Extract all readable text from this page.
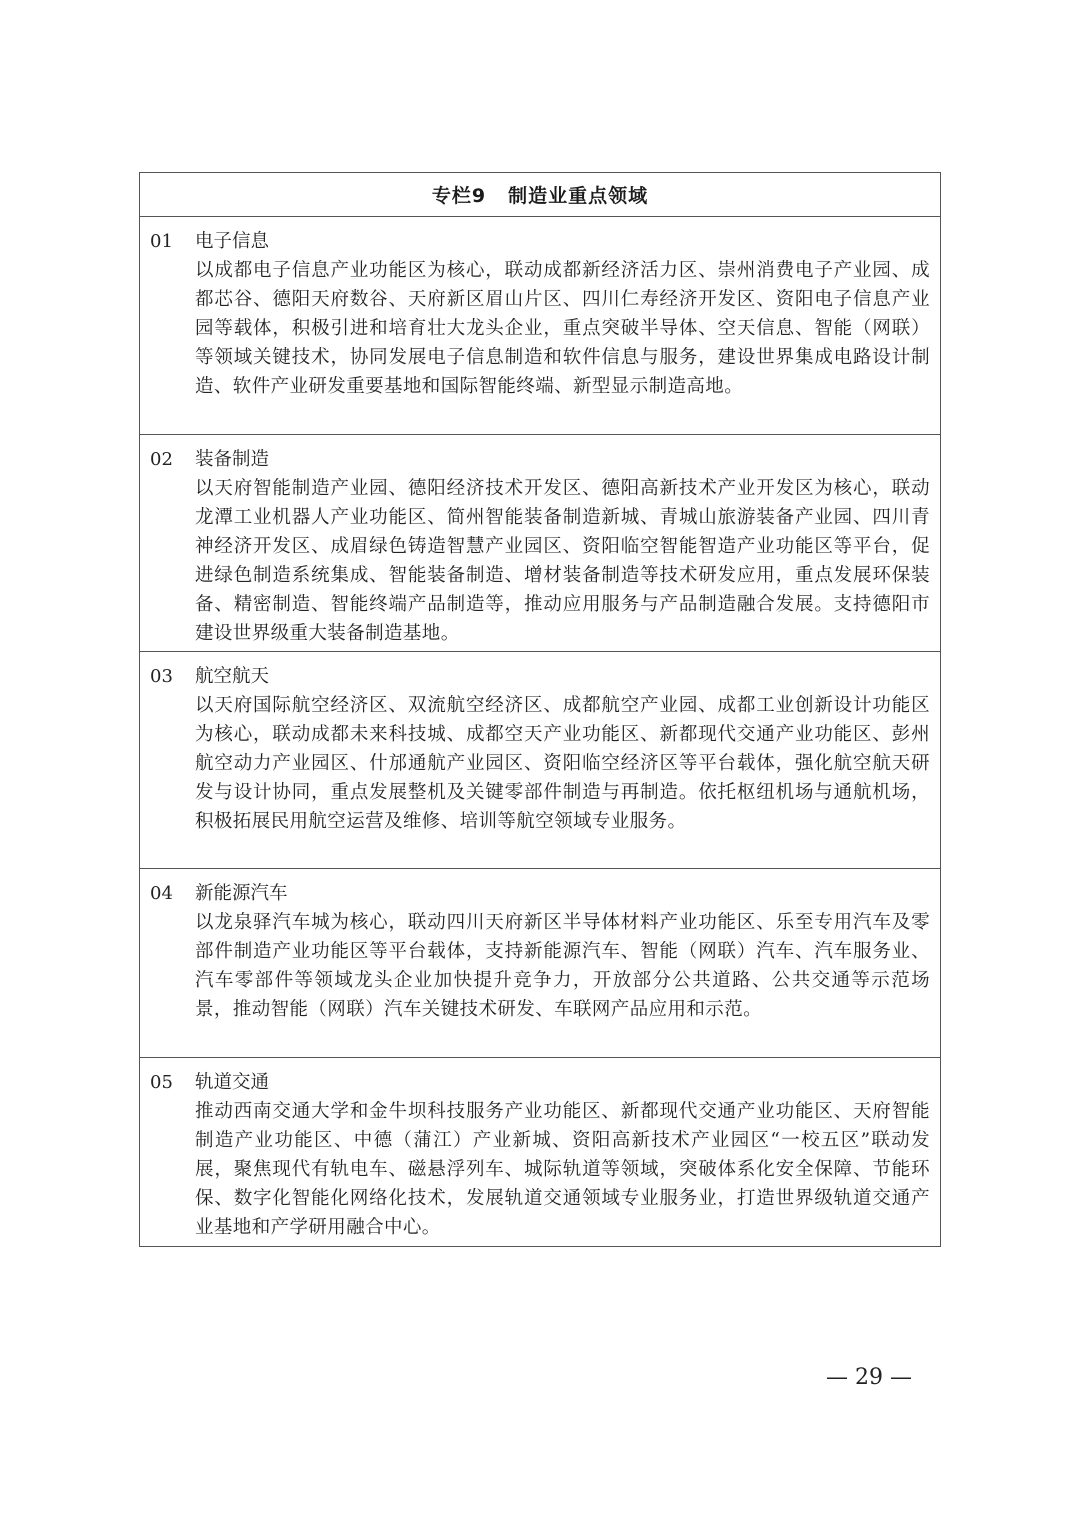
专栏9 制造业重点领域
01 电子信息
以成都电子信息产业功能区为核心，联动成都新经济活力区、崇州消费电子产业园、成都芯谷、德阳天府数谷、天府新区眉山片区、四川仁寿经济开发区、资阳电子信息产业园等载体，积极引进和培育壮大龙头企业，重点突破半导体、空天信息、智能（网联）等领域关键技术，协同发展电子信息制造和软件信息与服务，建设世界集成电路设计制造、软件产业研发重要基地和国际智能终端、新型显示制造高地。
02 装备制造
以天府智能制造产业园、德阳经济技术开发区、德阳高新技术产业开发区为核心，联动龙潭工业机器人产业功能区、简州智能装备制造新城、青城山旅游装备产业园、四川青神经济开发区、成眉绿色铸造智慧产业园区、资阳临空智能智造产业功能区等平台，促进绿色制造系统集成、智能装备制造、增材装备制造等技术研发应用，重点发展环保装备、精密制造、智能终端产品制造等，推动应用服务与产品制造融合发展。支持德阳市建设世界级重大装备制造基地。
03 航空航天
以天府国际航空经济区、双流航空经济区、成都航空产业园、成都工业创新设计功能区为核心，联动成都未来科技城、成都空天产业功能区、新都现代交通产业功能区、彭州航空动力产业园区、什邡通航产业园区、资阳临空经济区等平台载体，强化航空航天研发与设计协同，重点发展整机及关键零部件制造与再制造。依托枢纽机场与通航机场，积极拓展民用航空运营及维修、培训等航空领域专业服务。
04 新能源汽车
以龙泉驿汽车城为核心，联动四川天府新区半导体材料产业功能区、乐至专用汽车及零部件制造产业功能区等平台载体，支持新能源汽车、智能（网联）汽车、汽车服务业、汽车零部件等领域龙头企业加快提升竞争力，开放部分公共道路、公共交通等示范场景，推动智能（网联）汽车关键技术研发、车联网产品应用和示范。
05 轨道交通
推动西南交通大学和金牛坝科技服务产业功能区、新都现代交通产业功能区、天府智能制造产业功能区、中德（蒲江）产业新城、资阳高新技术产业园区“一校五区”联动发展，聚焦现代有轨电车、磁悬浮列车、城际轨道等领域，突破体系化安全保障、节能环保、数字化智能化网络化技术，发展轨道交通领域专业服务业，打造世界级轨道交通产业基地和产学研用融合中心。
— 29 —
